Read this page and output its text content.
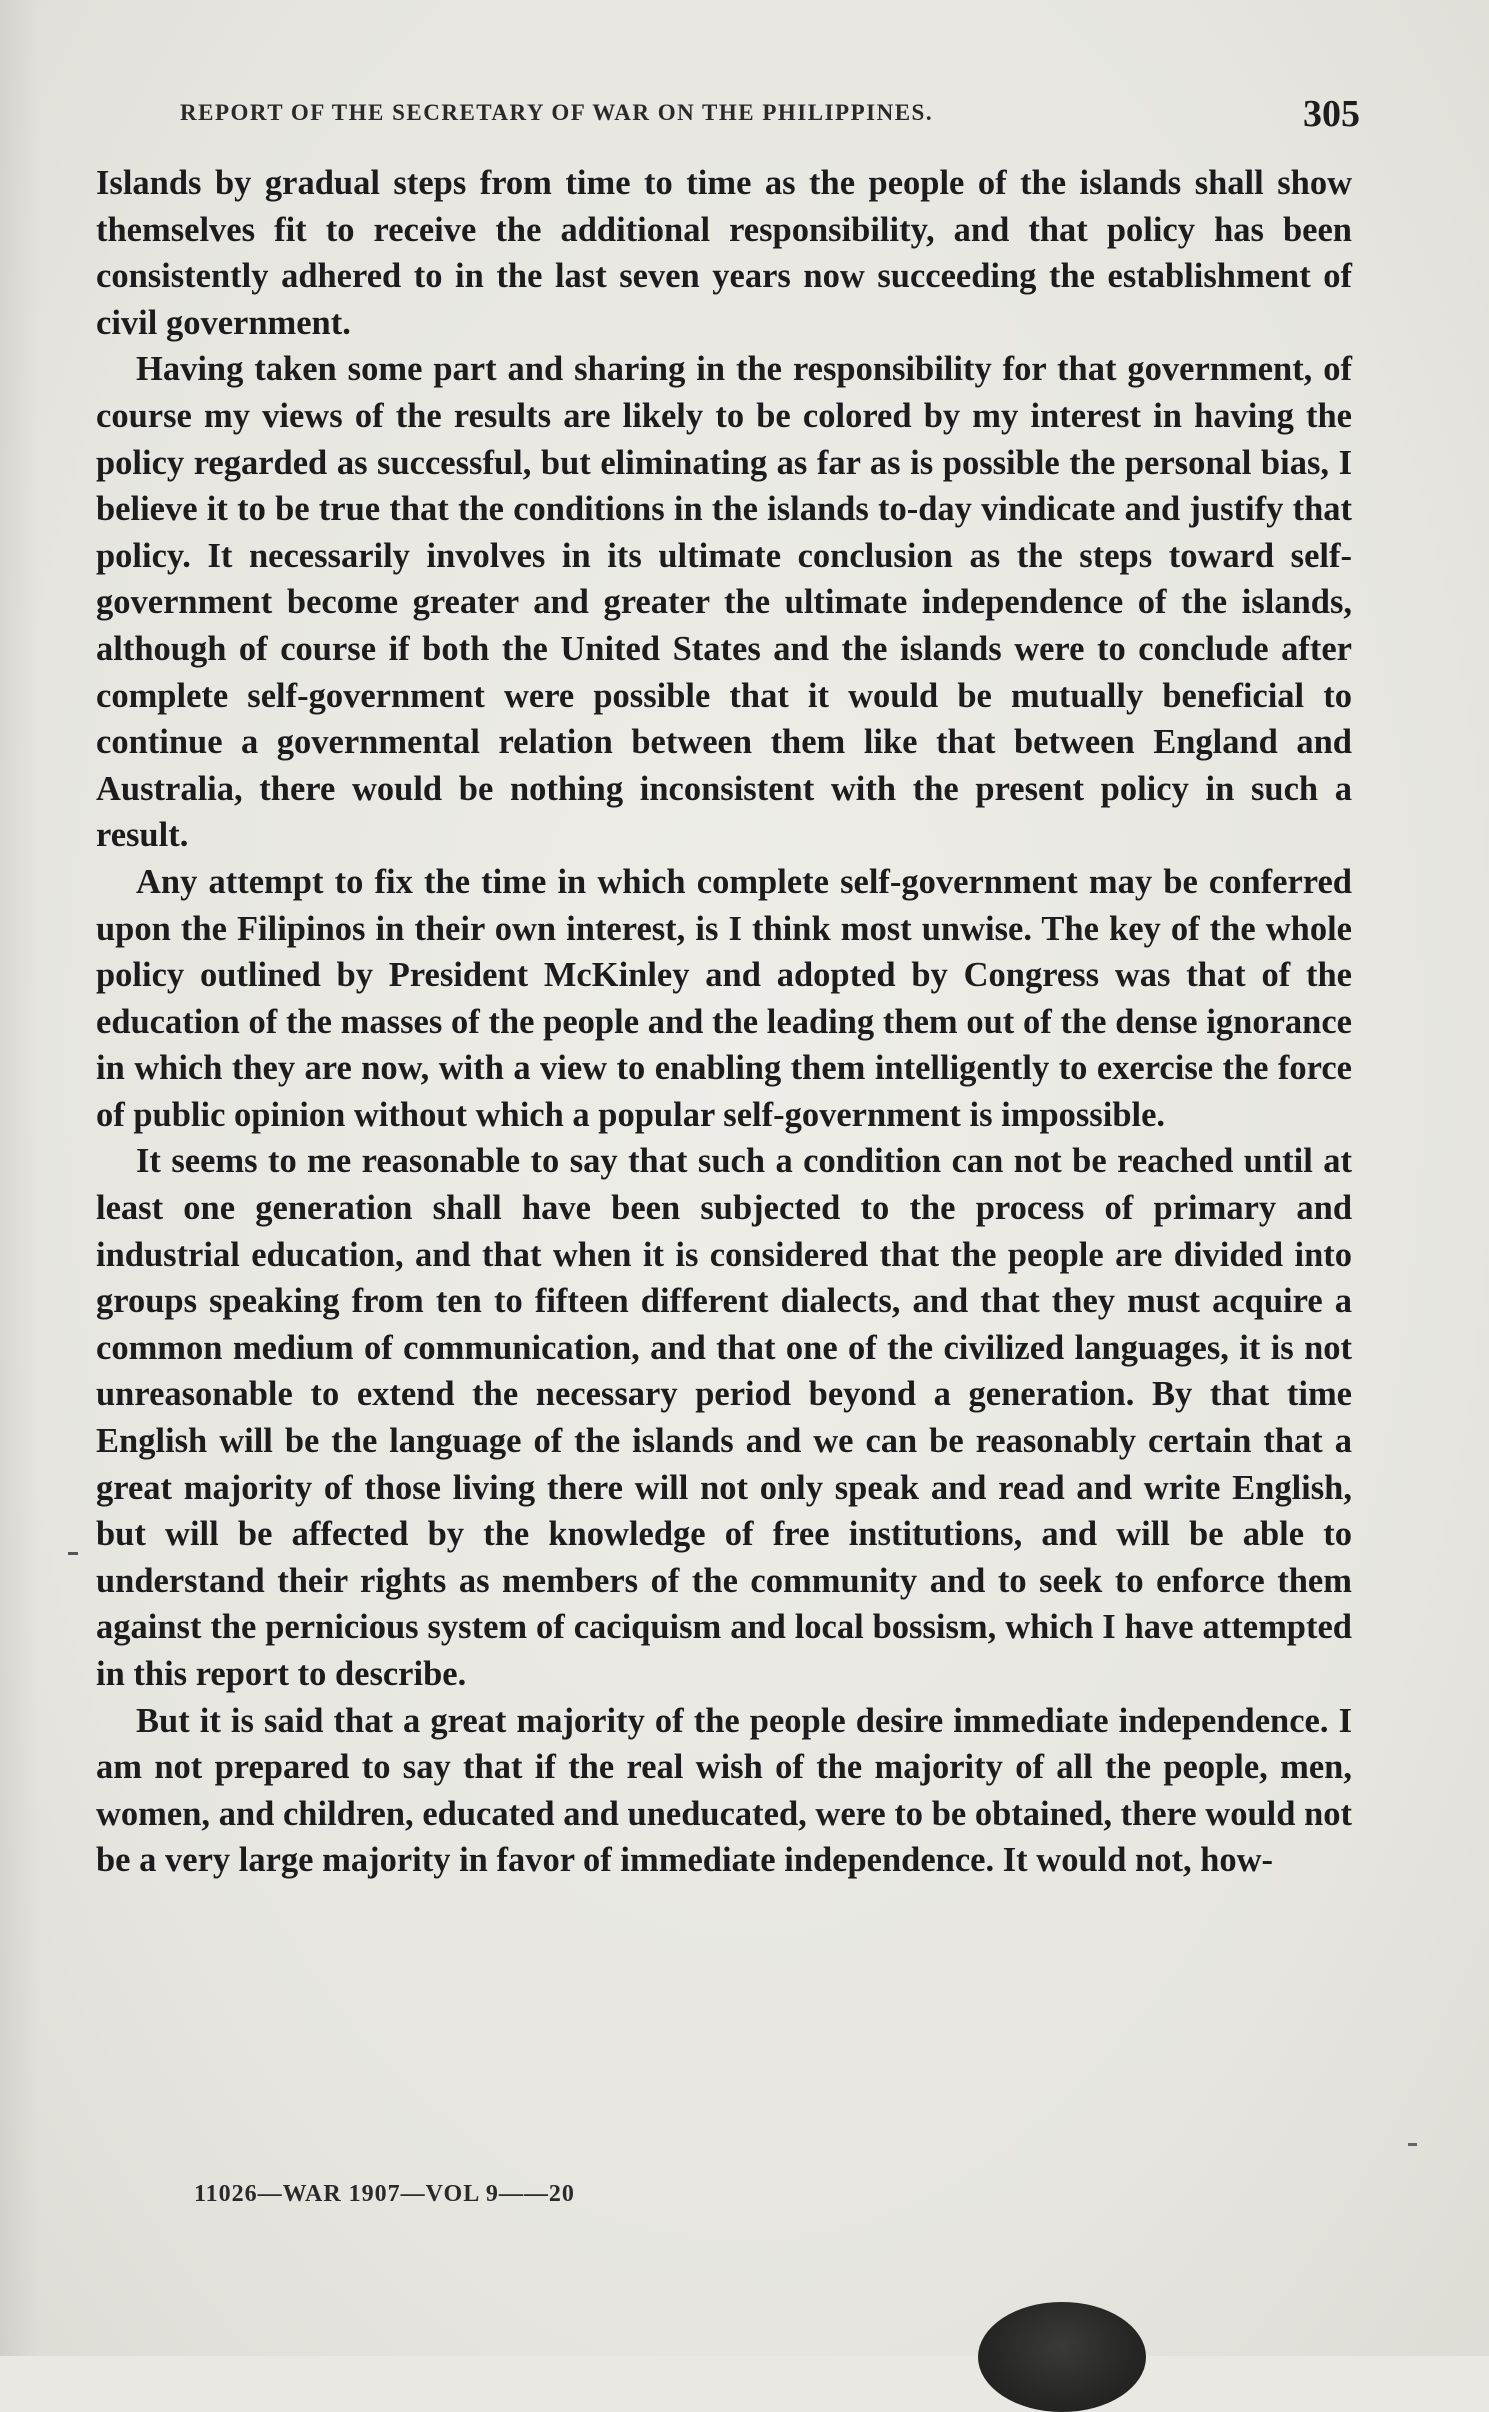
REPORT OF THE SECRETARY OF WAR ON THE PHILIPPINES.	305

Islands by gradual steps from time to time as the people of the islands shall show themselves fit to receive the additional responsibility, and that policy has been consistently adhered to in the last seven years now succeeding the establishment of civil government.

Having taken some part and sharing in the responsibility for that government, of course my views of the results are likely to be colored by my interest in having the policy regarded as successful, but eliminating as far as is possible the personal bias, I believe it to be true that the conditions in the islands to-day vindicate and justify that policy. It necessarily involves in its ultimate conclusion as the steps toward self-government become greater and greater the ultimate independence of the islands, although of course if both the United States and the islands were to conclude after complete self-government were possible that it would be mutually beneficial to continue a governmental relation between them like that between England and Australia, there would be nothing inconsistent with the present policy in such a result.

Any attempt to fix the time in which complete self-government may be conferred upon the Filipinos in their own interest, is I think most unwise. The key of the whole policy outlined by President McKinley and adopted by Congress was that of the education of the masses of the people and the leading them out of the dense ignorance in which they are now, with a view to enabling them intelligently to exercise the force of public opinion without which a popular self-government is impossible.

It seems to me reasonable to say that such a condition can not be reached until at least one generation shall have been subjected to the process of primary and industrial education, and that when it is considered that the people are divided into groups speaking from ten to fifteen different dialects, and that they must acquire a common medium of communication, and that one of the civilized languages, it is not unreasonable to extend the necessary period beyond a generation. By that time English will be the language of the islands and we can be reasonably certain that a great majority of those living there will not only speak and read and write English, but will be affected by the knowledge of free institutions, and will be able to understand their rights as members of the community and to seek to enforce them against the pernicious system of caciquism and local bossism, which I have attempted in this report to describe.

But it is said that a great majority of the people desire immediate independence. I am not prepared to say that if the real wish of the majority of all the people, men, women, and children, educated and uneducated, were to be obtained, there would not be a very large majority in favor of immediate independence. It would not, how-

11026—WAR 1907—VOL 9——20
